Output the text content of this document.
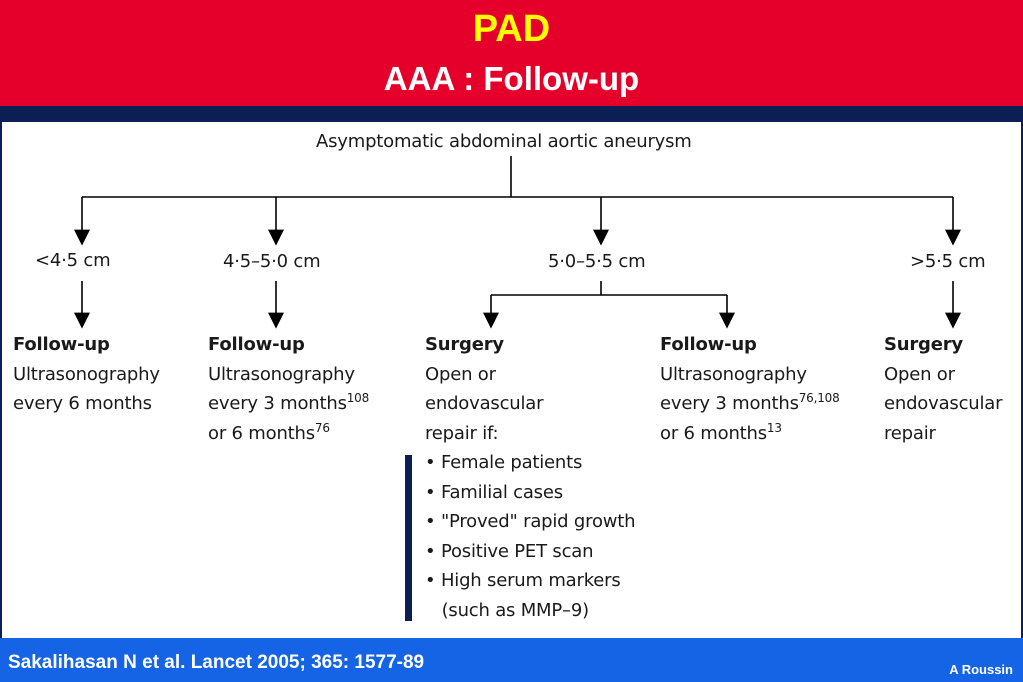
PAD
AAA : Follow-up
Asymptomatic abdominal aortic aneurysm
<4·5 cm	4·5–5·0 cm	5·0–5·5 cm	>5·5 cm
Follow-up
Ultrasonography
every 6 months
Follow-up
Ultrasonography
every 3 months$^{108}$
or 6 months$^{76}$
Surgery
Open or
endovascular
repair if:
• Female patients
• Familial cases
• "Proved" rapid growth
• Positive PET scan
• High serum markers
(such as MMP–9)
Follow-up
Ultrasonography
every 3 months$^{76,108}$
or 6 months$^{13}$
Surgery
Open or
endovascular
repair
Sakalihasan N et al. Lancet 2005; 365: 1577-89	A Roussin
